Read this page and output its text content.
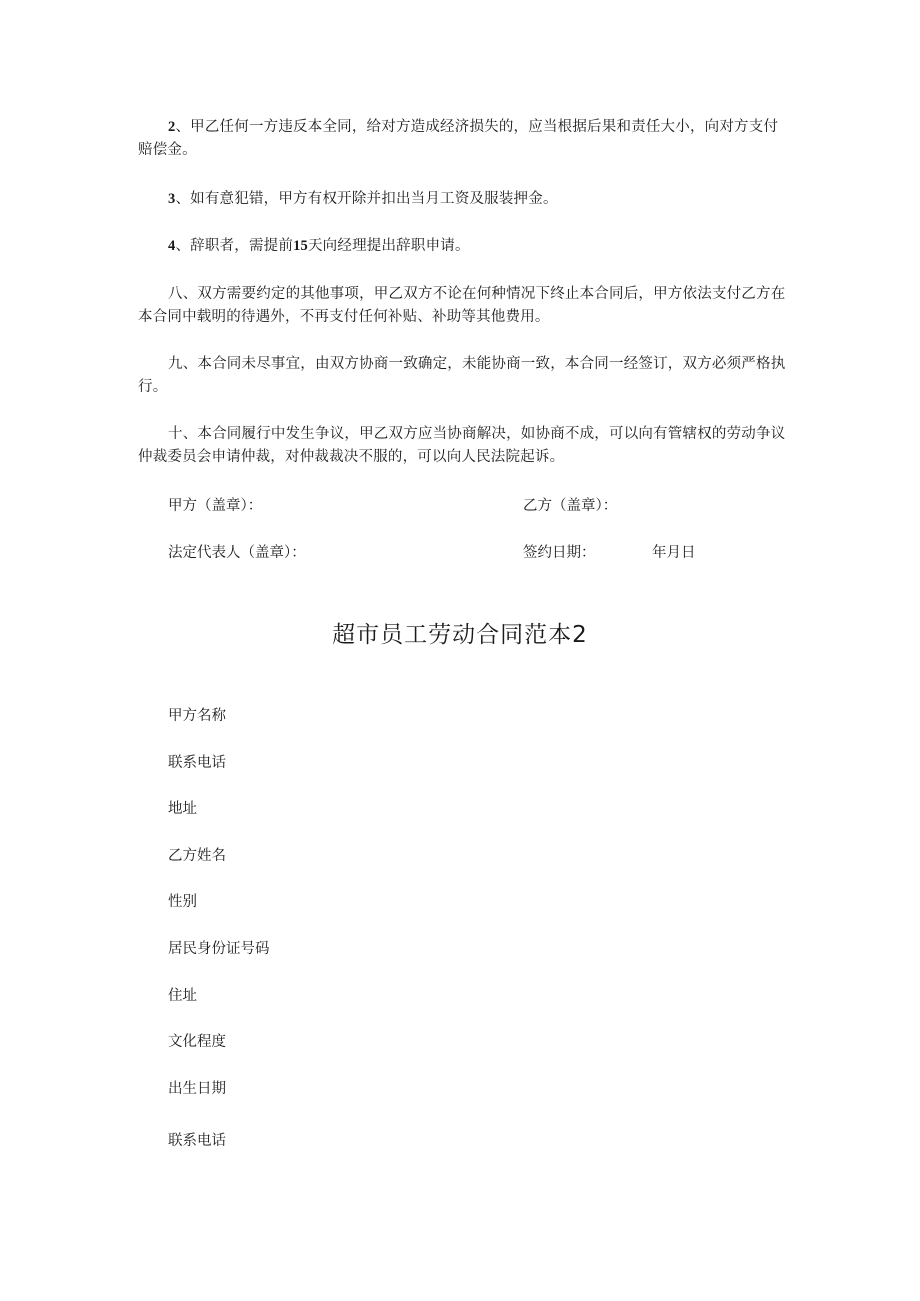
2、甲乙任何一方违反本全同，给对方造成经济损失的，应当根据后果和责任大小，向对方支付赔偿金。
3、如有意犯错，甲方有权开除并扣出当月工资及服装押金。
4、辞职者，需提前15天向经理提出辞职申请。
八、双方需要约定的其他事项，甲乙双方不论在何种情况下终止本合同后，甲方依法支付乙方在本合同中载明的待遇外，不再支付任何补贴、补助等其他费用。
九、本合同未尽事宜，由双方协商一致确定，未能协商一致，本合同一经签订，双方必须严格执行。
十、本合同履行中发生争议，甲乙双方应当协商解决，如协商不成，可以向有管辖权的劳动争议仲裁委员会申请仲裁，对仲裁裁决不服的，可以向人民法院起诉。
甲方（盖章）：	乙方（盖章）：
法定代表人（盖章）：	签约日期：	年月日
超市员工劳动合同范本2
甲方名称
联系电话
地址
乙方姓名
性别
居民身份证号码
住址
文化程度
出生日期
联系电话
